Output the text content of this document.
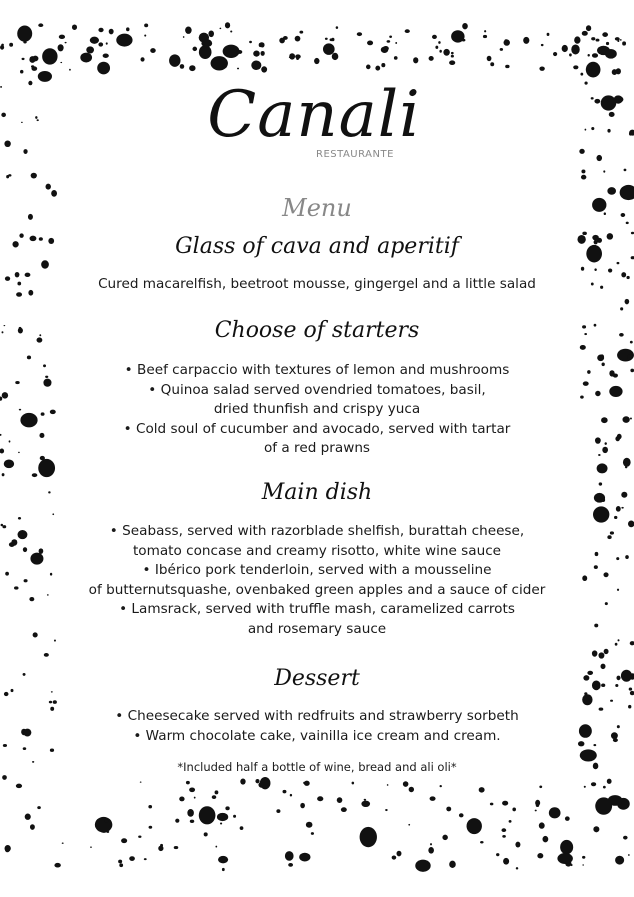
Canali
RESTAURANTE
Menu
Glass of cava and aperitif
Cured macarelfish, beetroot mousse, gingergel and a little salad
Choose of starters
• Beef carpaccio with textures of lemon and mushrooms
• Quinoa salad served ovendried tomatoes, basil,
dried thunfish and crispy yuca
• Cold soul of cucumber and avocado, served with tartar
of a red prawns
Main dish
• Seabass, served with razorblade shelfish, burattah cheese,
tomato concase and creamy risotto, white wine sauce
• Ibérico pork tenderloin, served with a mousseline
of butternutsquashe, ovenbaked green apples and a sauce of cider
• Lamsrack, served with truffle mash, caramelized carrots
and rosemary sauce
Dessert
• Cheesecake served with redfruits and strawberry sorbeth
• Warm chocolate cake, vainilla ice cream and cream.
*Included half a bottle of wine, bread and ali oli*
